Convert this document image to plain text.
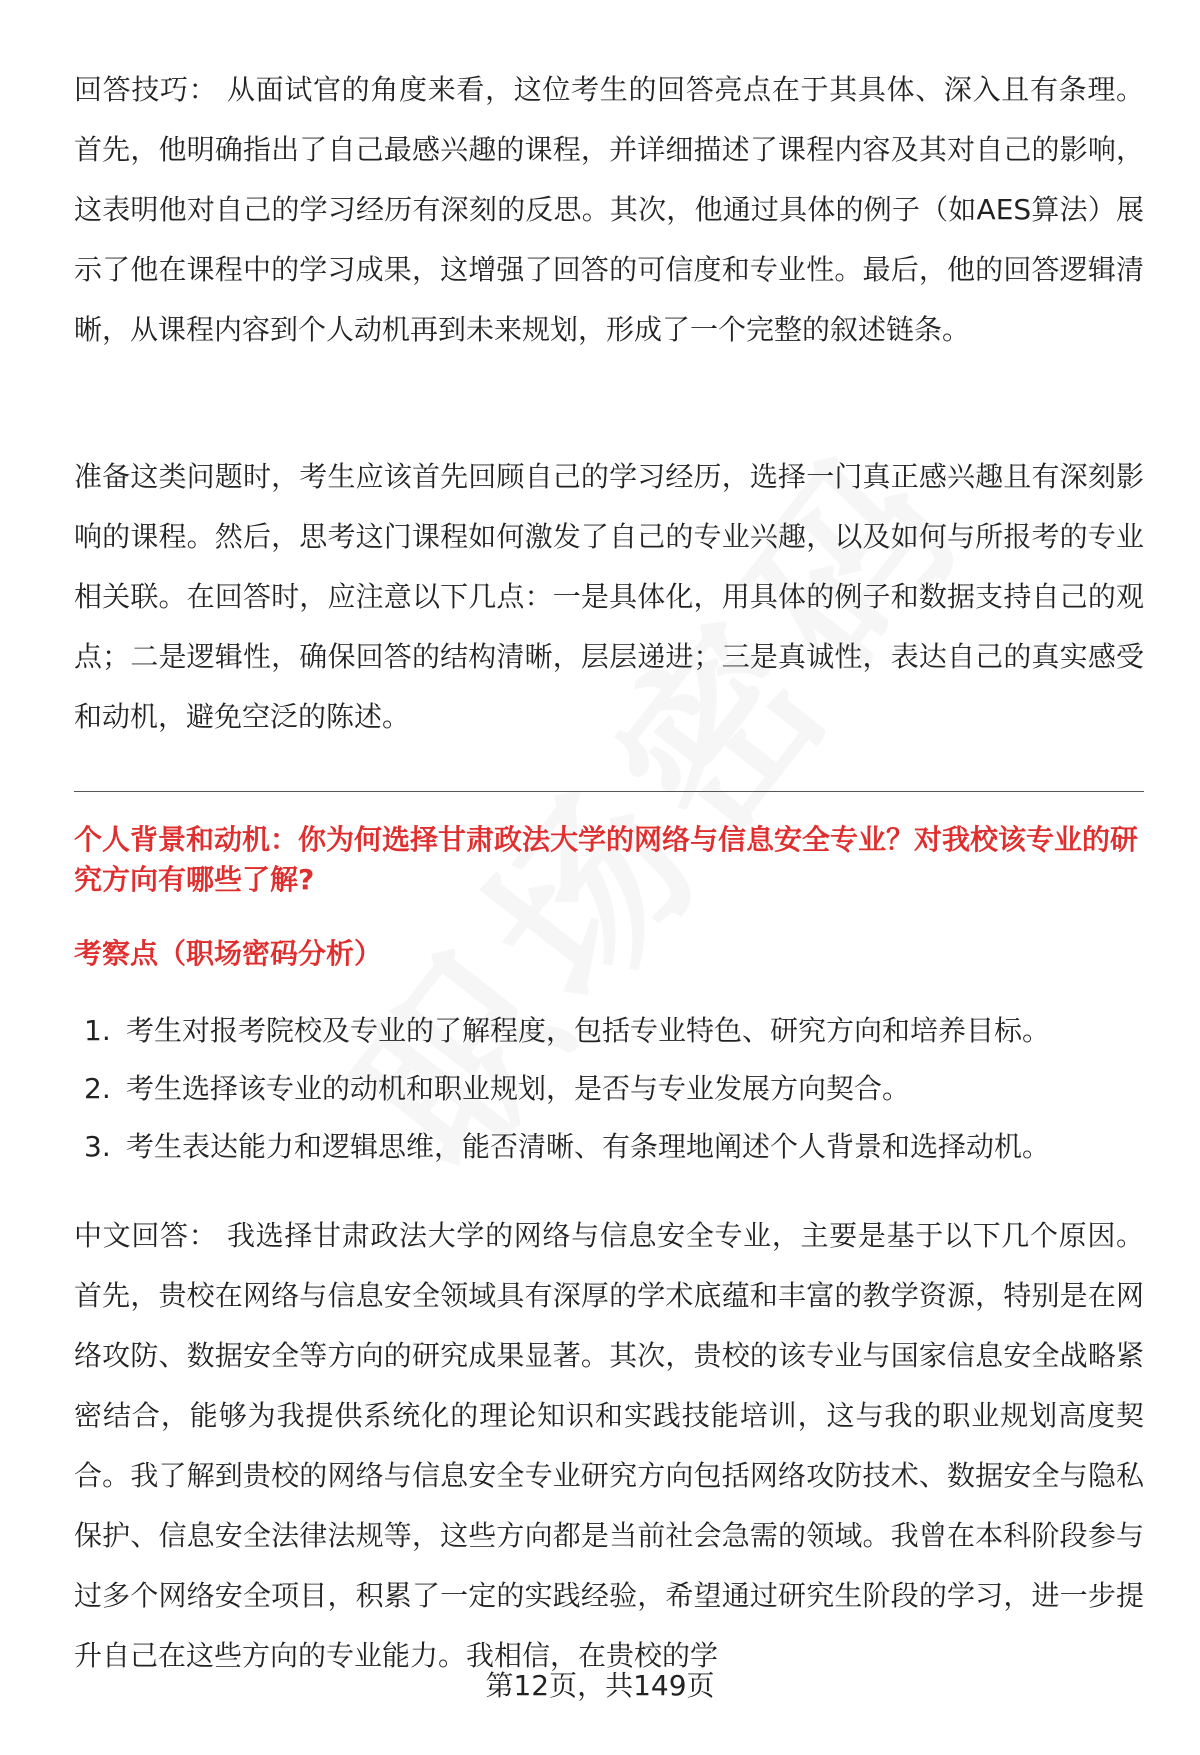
回答技巧： 从面试官的角度来看，这位考生的回答亮点在于其具体、深入且有条理。首先，他明确指出了自己最感兴趣的课程，并详细描述了课程内容及其对自己的影响，这表明他对自己的学习经历有深刻的反思。其次，他通过具体的例子（如AES算法）展示了他在课程中的学习成果，这增强了回答的可信度和专业性。最后，他的回答逻辑清晰，从课程内容到个人动机再到未来规划，形成了一个完整的叙述链条。

准备这类问题时，考生应该首先回顾自己的学习经历，选择一门真正感兴趣且有深刻影响的课程。然后，思考这门课程如何激发了自己的专业兴趣，以及如何与所报考的专业相关联。在回答时，应注意以下几点：一是具体化，用具体的例子和数据支持自己的观点；二是逻辑性，确保回答的结构清晰，层层递进；三是真诚性，表达自己的真实感受和动机，避免空泛的陈述。

个人背景和动机：你为何选择甘肃政法大学的网络与信息安全专业？对我校该专业的研究方向有哪些了解?
考察点（职场密码分析）
1. 考生对报考院校及专业的了解程度，包括专业特色、研究方向和培养目标。
2. 考生选择该专业的动机和职业规划，是否与专业发展方向契合。
3. 考生表达能力和逻辑思维，能否清晰、有条理地阐述个人背景和选择动机。

中文回答： 我选择甘肃政法大学的网络与信息安全专业，主要是基于以下几个原因。首先，贵校在网络与信息安全领域具有深厚的学术底蕴和丰富的教学资源，特别是在网络攻防、数据安全等方向的研究成果显著。其次，贵校的该专业与国家信息安全战略紧密结合，能够为我提供系统化的理论知识和实践技能培训，这与我的职业规划高度契合。我了解到贵校的网络与信息安全专业研究方向包括网络攻防技术、数据安全与隐私保护、信息安全法律法规等，这些方向都是当前社会急需的领域。我曾在本科阶段参与过多个网络安全项目，积累了一定的实践经验，希望通过研究生阶段的学习，进一步提升自己在这些方向的专业能力。我相信，在贵校的学

第12页，共149页
